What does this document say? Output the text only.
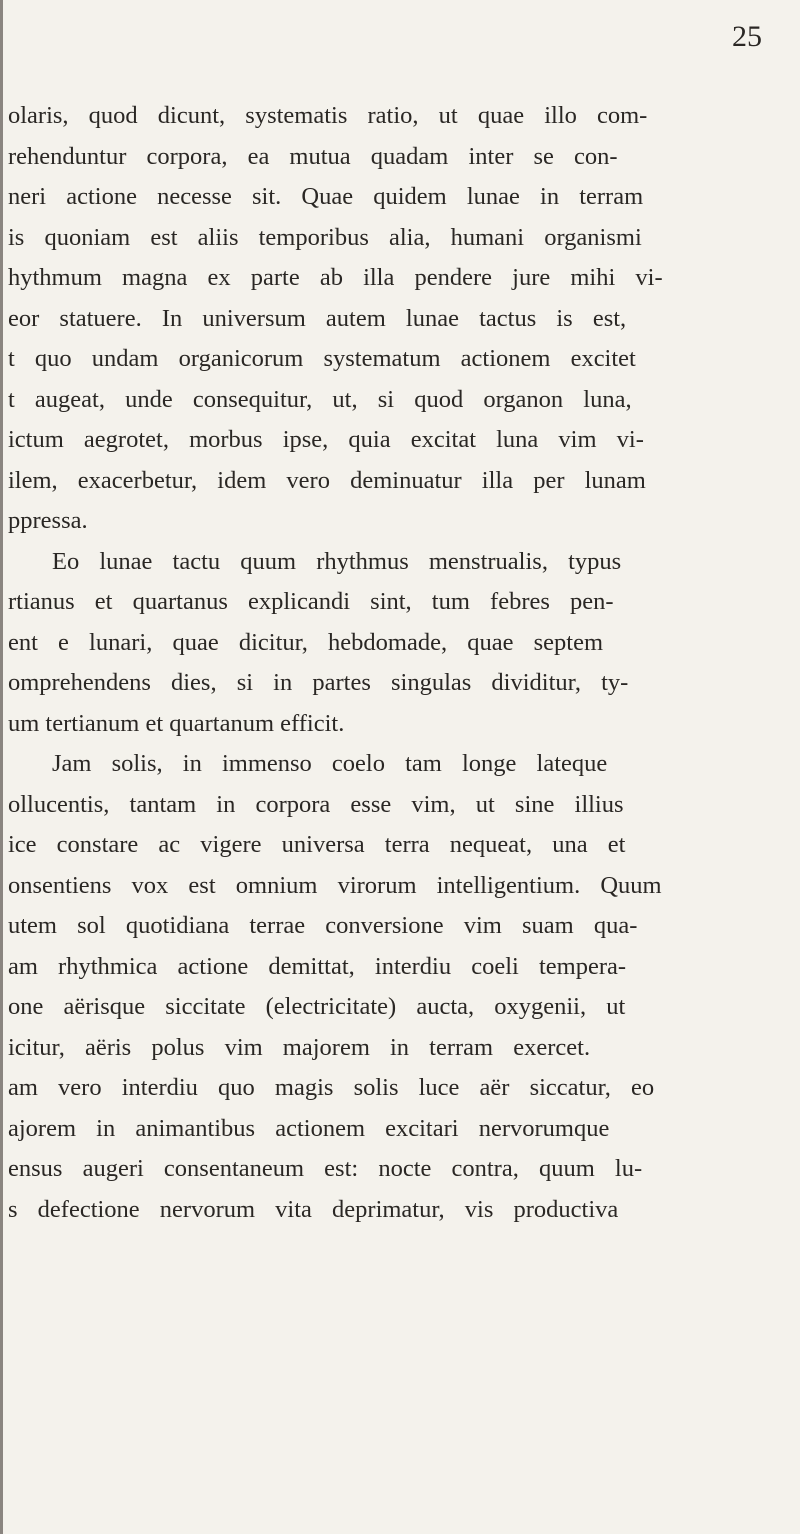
25
olaris, quod dicunt, systematis ratio, ut quae illo com-
rehenduntur corpora, ea mutua quadam inter se con-
neri actione necesse sit. Quae quidem lunae in terram
is quoniam est aliis temporibus alia, humani organismi
hythmum magna ex parte ab illa pendere jure mihi vi-
eor statuere. In universum autem lunae tactus is est,
t quo undam organicorum systematum actionem excitet
t augeat, unde consequitur, ut, si quod organon luna,
ictum aegrotet, morbus ipse, quia excitat luna vim vi-
ilem, exacerbetur, idem vero deminuatur illa per lunam
ppressa.
Eo lunae tactu quum rhythmus menstrualis, typus
rtianus et quartanus explicandi sint, tum febres pen-
ent e lunari, quae dicitur, hebdomade, quae septem
omprehendens dies, si in partes singulas dividitur, ty-
um tertianum et quartanum efficit.
Jam solis, in immenso coelo tam longe lateque
ollucentis, tantam in corpora esse vim, ut sine illius
ice constare ac vigere universa terra nequeat, una et
onsentiens vox est omnium virorum intelligentium. Quum
utem sol quotidiana terrae conversione vim suam qua-
am rhythmica actione demittat, interdiu coeli tempera-
one aërisque siccitate (electricitate) aucta, oxygenii, ut
icitur, aëris polus vim majorem in terram exercet.
am vero interdiu quo magis solis luce aër siccatur, eo
ajorem in animantibus actionem excitari nervorumque
ensus augeri consentaneum est: nocte contra, quum lu-
s defectione nervorum vita deprimatur, vis productiva
